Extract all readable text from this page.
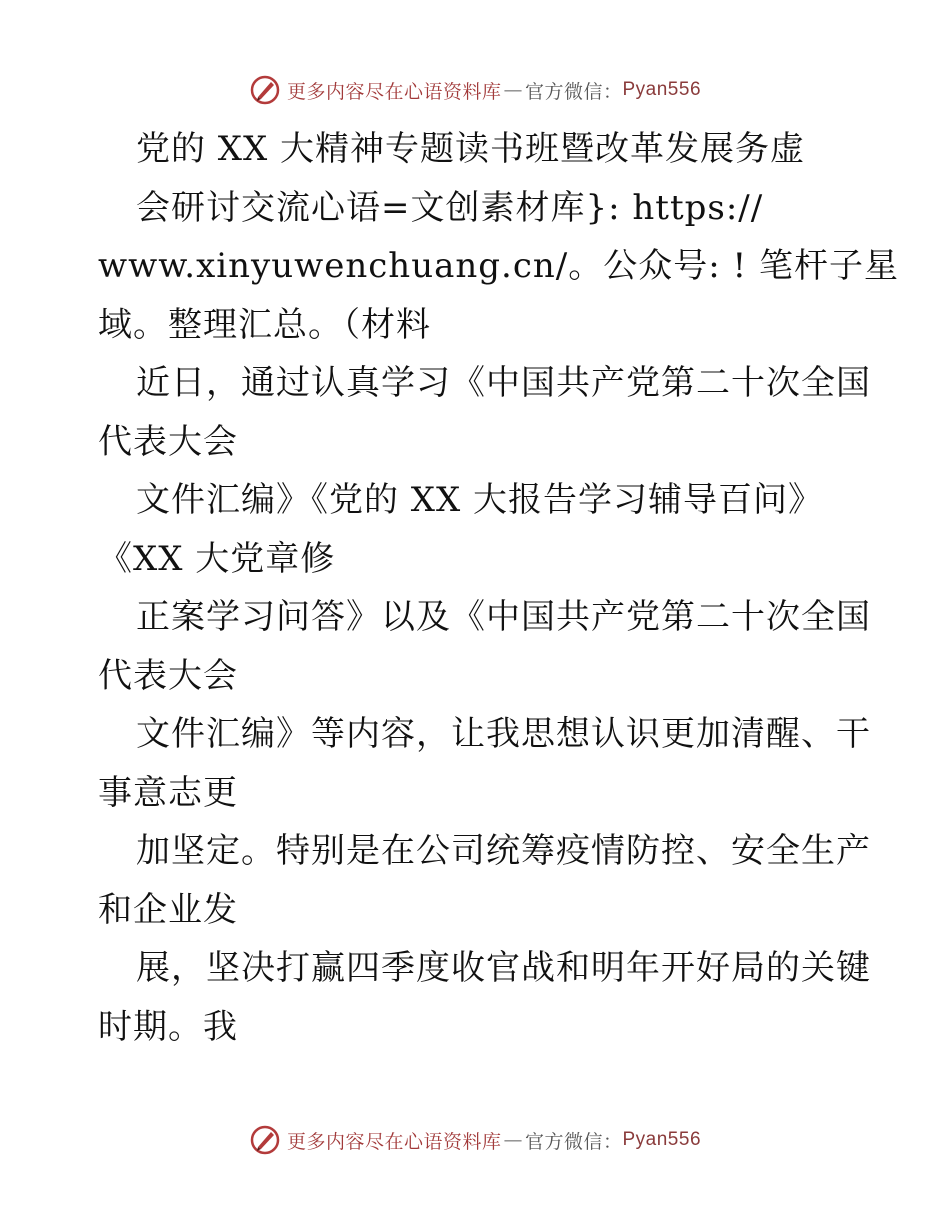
更多内容尽在心语资料库 — 官方微信： Pyan556
党的 XX 大精神专题读书班暨改革发展务虚
会研讨交流心语=文创素材库}: https://
www.xinyuwenchuang.cn/。公众号: ! 笔杆子星
域。整理汇总。（材料
近日，通过认真学习《中国共产党第二十次全国
代表大会
文件汇编》《党的 XX 大报告学习辅导百问》
《XX 大党章修
正案学习问答》以及《中国共产党第二十次全国
代表大会
文件汇编》等内容，让我思想认识更加清醒、干
事意志更
加坚定。特别是在公司统筹疫情防控、安全生产
和企业发
展，坚决打赢四季度收官战和明年开好局的关键
时期。我
更多内容尽在心语资料库 — 官方微信： Pyan556
